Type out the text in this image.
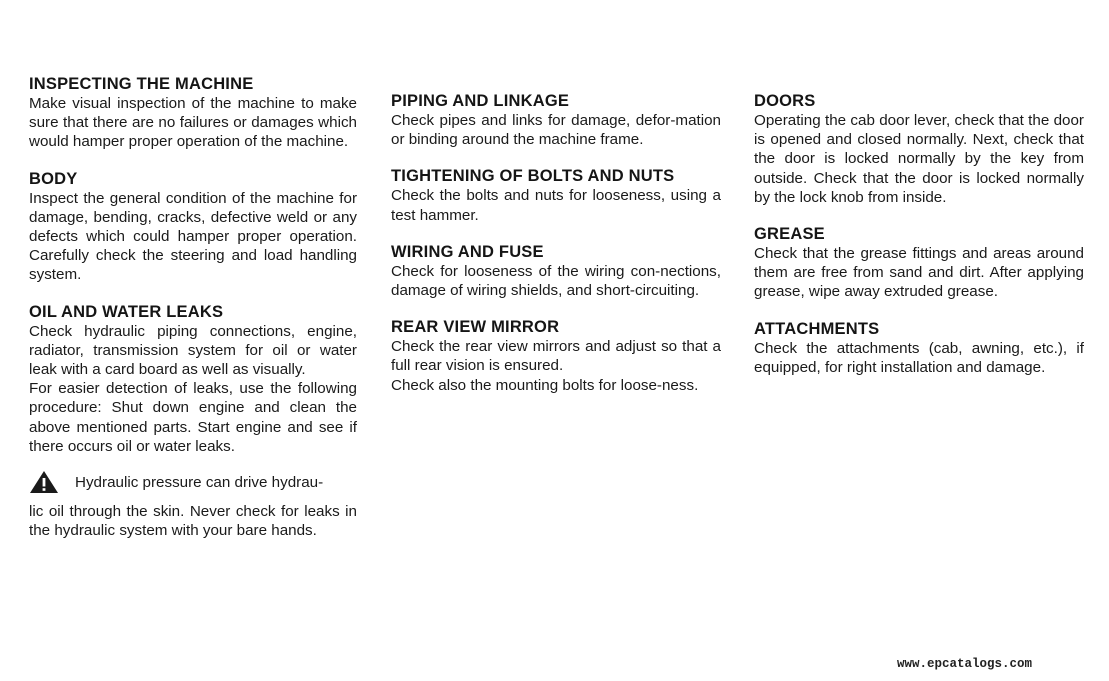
INSPECTING THE MACHINE

Make visual inspection of the machine to make sure that there are no failures or damages which would hamper proper operation of the machine.

BODY

Inspect the general condition of the machine for damage, bending, cracks, defective weld or any defects which could hamper proper operation. Carefully check the steering and load handling system.

OIL AND WATER LEAKS

Check hydraulic piping connections, engine, radiator, transmission system for oil or water leak with a card board as well as visually.

For easier detection of leaks, use the following procedure: Shut down engine and clean the above mentioned parts. Start engine and see if there occurs oil or water leaks.

Hydraulic pressure can drive hydrau-

lic oil through the skin. Never check for leaks in the hydraulic system with your bare hands.

PIPING AND LINKAGE

Check pipes and links for damage, defor-mation or binding around the machine frame.

TIGHTENING OF BOLTS AND NUTS

Check the bolts and nuts for looseness, using a test hammer.

WIRING AND FUSE

Check for looseness of the wiring con-nections, damage of wiring shields, and short-circuiting.

REAR VIEW MIRROR

Check the rear view mirrors and adjust so that a full rear vision is ensured.

Check also the mounting bolts for loose-ness.

DOORS

Operating the cab door lever, check that the door is opened and closed normally. Next, check that the door is locked normally by the key from outside. Check that the door is locked normally by the lock knob from inside.

GREASE

Check that the grease fittings and areas around them are free from sand and dirt. After applying grease, wipe away extruded grease.

ATTACHMENTS

Check the attachments (cab, awning, etc.), if equipped, for right installation and damage.

www.epcatalogs.com
